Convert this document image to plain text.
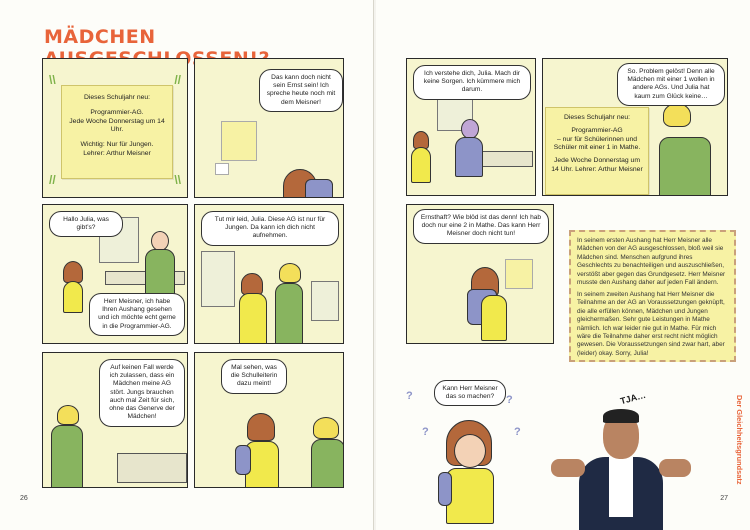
MÄDCHEN

Dieses Schuljahr neu:

Programmier-AG.

Jede Woche Donnerstag um 14 Uhr.

Wichtig: Nur für Jungen.

Lehrer: Arthur Meisner

\\	//
//	\\
Das kann doch nicht sein Ernst sein! Ich spreche heute noch mit dem Meisner!
Hallo Julia, was gibt’s?
Herr Meisner, ich habe Ihren Aushang gesehen und ich möchte echt gerne in die Programmier-AG.
Tut mir leid, Julia. Diese AG ist nur für Jungen. Da kann ich dich nicht aufnehmen.
Auf keinen Fall werde ich zulassen, dass ein Mädchen meine AG stört. Jungs brauchen auch mal Zeit für sich, ohne das Generve der Mädchen!
Mal sehen, was die Schulleiterin dazu meint!
26
Ich verstehe dich, Julia. Mach dir keine Sorgen. Ich kümmere mich darum.

Dieses Schuljahr neu:

Programmier-AG

– nur für Schülerinnen und Schüler mit einer 1 in Mathe.

Jede Woche Donnerstag um 14 Uhr. Lehrer: Arthur Meisner

So. Problem gelöst! Denn alle Mädchen mit einer 1 wollen in andere AGs. Und Julia hat kaum zum Glück keine…
Ernsthaft? Wie blöd ist das denn! Ich hab doch nur eine 2 in Mathe. Das kann Herr Meisner doch nicht tun!

In seinem ersten Aushang hat Herr Meisner alle Mädchen von der AG ausgeschlossen, bloß weil sie Mädchen sind. Menschen aufgrund ihres Geschlechts zu benachteiligen und auszuschließen, verstößt aber gegen das Grundgesetz. Herr Meisner musste den Aushang daher auf jeden Fall ändern.

In seinem zweiten Aushang hat Herr Meisner die Teilnahme an der AG an Voraussetzungen geknüpft, die alle erfüllen können, Mädchen und Jungen gleichermaßen. Sehr gute Leistungen in Mathe nämlich. Ich war leider nie gut in Mathe. Für mich wäre die Teilnahme daher erst recht nicht möglich gewesen. Die Voraussetzungen sind zwar hart, aber (leider) okay. Sorry, Julia!

?
?
?
?
Kann Herr Meisner das so machen?	TJA…	Der Gleichheitsgrundsatz
27
